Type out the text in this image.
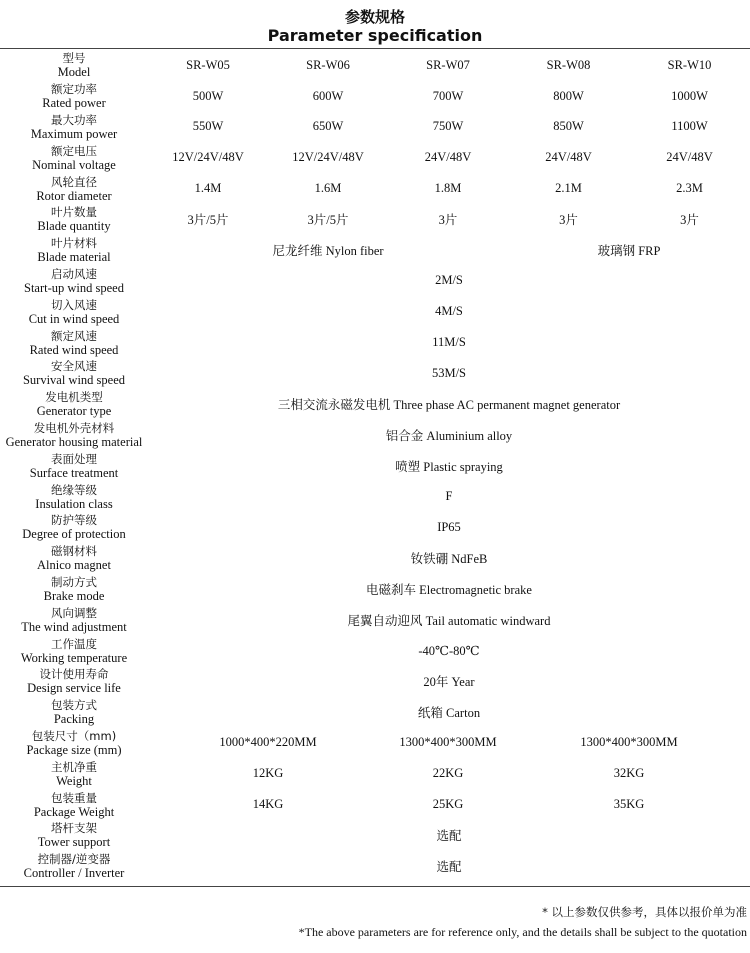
参数规格
Parameter specification
型号
Model	SR-W05	SR-W06	SR-W07	SR-W08	SR-W10

额定功率
Rated power	500W	600W	700W	800W	1000W

最大功率
Maximum power	550W	650W	750W	850W	1100W

额定电压
Nominal voltage	12V/24V/48V	12V/24V/48V	24V/48V	24V/48V	24V/48V

风轮直径
Rotor diameter	1.4M	1.6M	1.8M	2.1M	2.3M

叶片数量
Blade quantity	3片/5片	3片/5片	3片	3片	3片

叶片材料
Blade material	尼龙纤维 Nylon fiber			玻璃钢 FRP	

启动风速
Start-up wind speed	2M/S				

切入风速
Cut in wind speed	4M/S				

额定风速
Rated wind speed	11M/S				

安全风速
Survival wind speed	53M/S				

发电机类型
Generator type	三相交流永磁发电机 Three phase AC permanent magnet generator				

发电机外壳材料
Generator housing material	铝合金 Aluminium alloy				

表面处理
Surface treatment	喷塑 Plastic spraying				

绝缘等级
Insulation class	F				

防护等级
Degree of protection	IP65				

磁钢材料
Alnico magnet	钕铁硼 NdFeB				

制动方式
Brake mode	电磁刹车 Electromagnetic brake				

风向调整
The wind adjustment	尾翼自动迎风 Tail automatic windward				

工作温度
Working temperature	-40℃-80℃				

设计使用寿命
Design service life	20年 Year				

包装方式
Packing	纸箱 Carton				

包装尺寸（mm)
Package size (mm)	1000*400*220MM		1300*400*300MM	1300*400*300MM	

主机净重
Weight	12KG		22KG	32KG	

包装重量
Package Weight	14KG		25KG	35KG	

塔杆支架
Tower support	选配				

控制器/逆变器
Controller / Inverter	选配				
* 以上参数仅供参考，具体以报价单为准
*The above parameters are for reference only, and the details shall be subject to the quotation
